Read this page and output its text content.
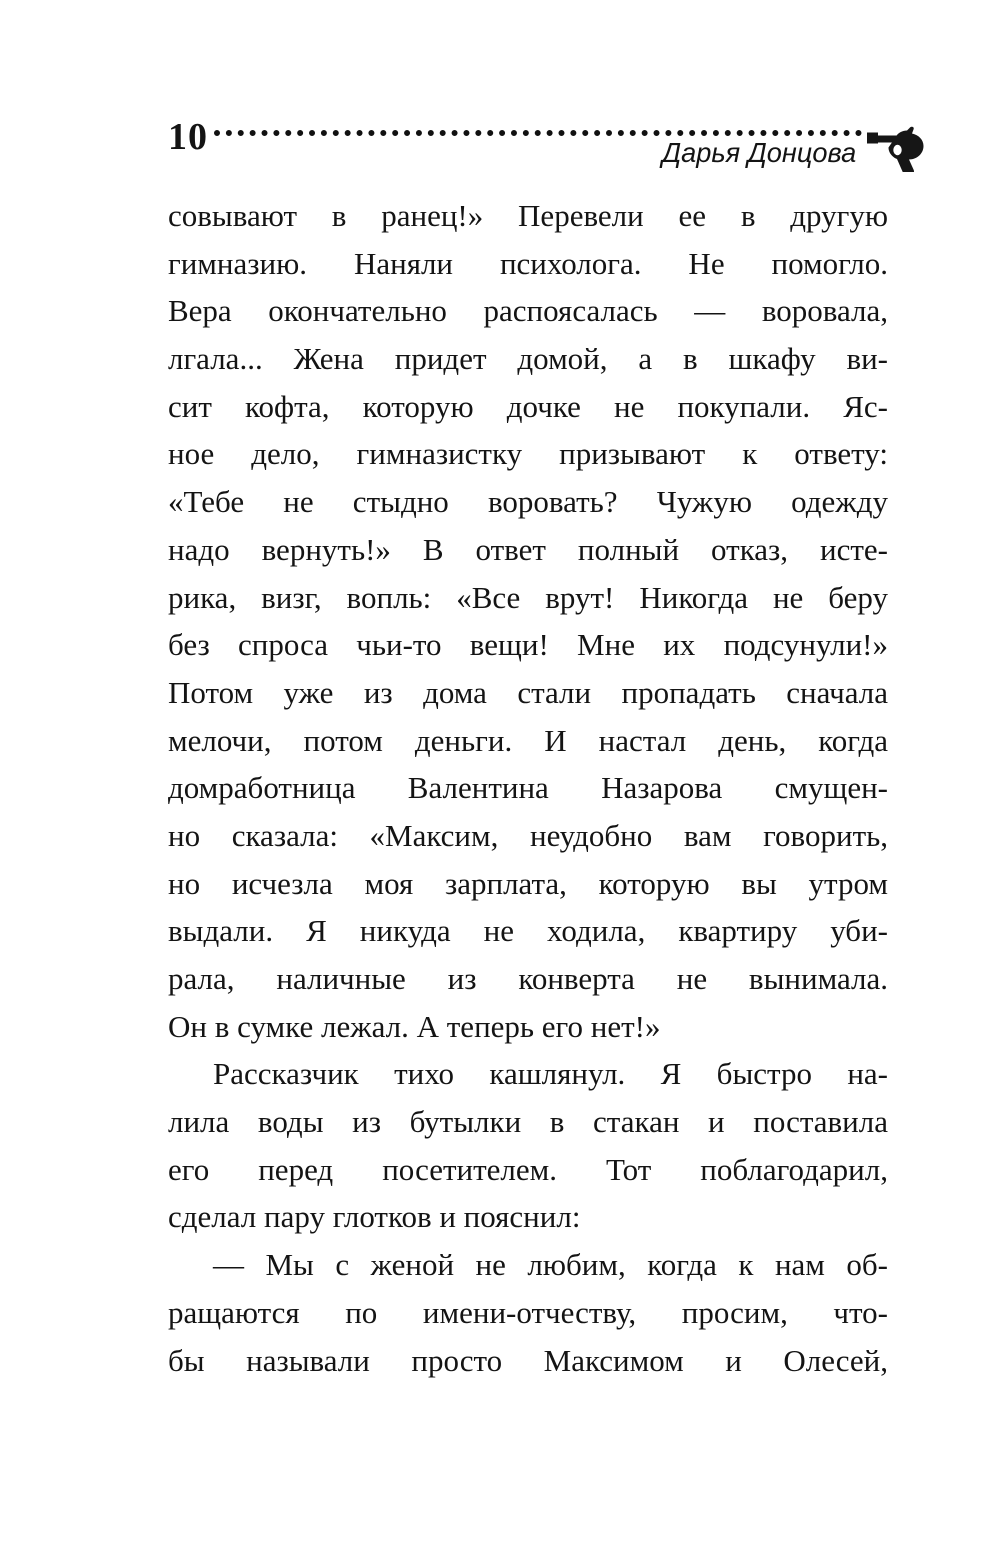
10	Дарья Донцова
совывают в ранец!» Перевели ее в другую
гимназию. Наняли психолога. Не помогло.
Вера окончательно распоясалась — воровала,
лгала... Жена придет домой, а в шкафу ви-
сит кофта, которую дочке не покупали. Яс-
ное дело, гимназистку призывают к ответу:
«Тебе не стыдно воровать? Чужую одежду
надо вернуть!» В ответ полный отказ, исте-
рика, визг, вопль: «Все врут! Никогда не беру
без спроса чьи-то вещи! Мне их подсунули!»
Потом уже из дома стали пропадать сначала
мелочи, потом деньги. И настал день, когда
домработница Валентина Назарова смущен-
но сказала: «Максим, неудобно вам говорить,
но исчезла моя зарплата, которую вы утром
выдали. Я никуда не ходила, квартиру уби-
рала, наличные из конверта не вынимала.
Он в сумке лежал. А теперь его нет!»
Рассказчик тихо кашлянул. Я быстро на-
лила воды из бутылки в стакан и поставила
его перед посетителем. Тот поблагодарил,
сделал пару глотков и пояснил:
— Мы с женой не любим, когда к нам об-
ращаются по имени-отчеству, просим, что-
бы называли просто Максимом и Олесей,
